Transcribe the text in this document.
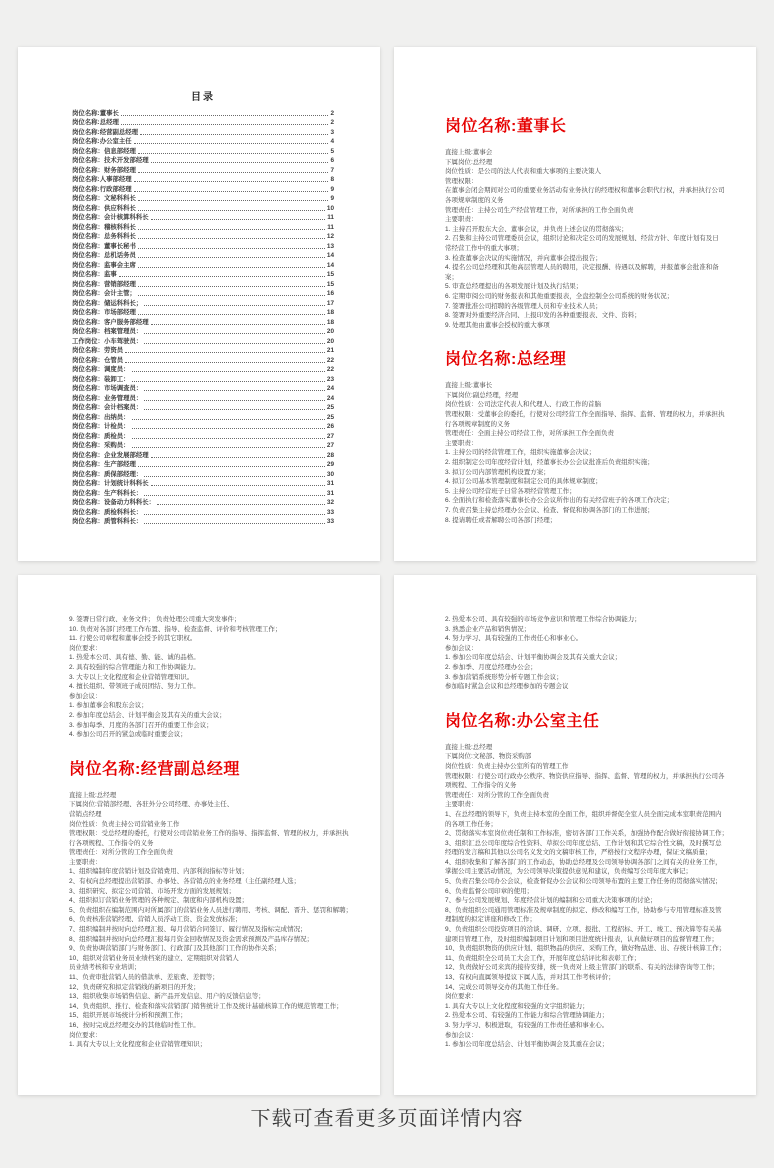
目录
岗位名称:董事长	2
岗位名称:总经理	2
岗位名称:经营副总经理	3
岗位名称:办公室主任	4
岗位名称：信息部经理	5
岗位名称：技术开发部经理	6
岗位名称：财务部经理	7
岗位名称:人事部经理	8
岗位名称:行政部经理	9
岗位名称：文秘科科长	9
岗位名称：供应科科长	10
岗位名称：会计核算科科长	11
岗位名称：稽核科科长	11
岗位名称：总务科科长	12
岗位名称：董事长秘书	13
岗位名称：总机话务员	14
岗位名称：监事会主席	14
岗位名称：监事	15
岗位名称：营销部经理	15
岗位名称：会计主管；	16
岗位名称：储运科科长；	17
岗位名称：市场部经理	18
岗位名称：客户服务部经理	18
岗位名称：档案管理员：	20
工作岗位：小车驾驶员：	20
岗位名称：劳资员	21
岗位名称：仓管员	22
岗位名称：调度员：	22
岗位名称：装卸工：	23
岗位名称：市场调查员：	24
岗位名称：业务管理员：	24
岗位名称：会计档案员：	25
岗位名称：出纳员：	25
岗位名称：计检员：	26
岗位名称：质检员：	27
岗位名称：采购员：	27
岗位名称：企业发展部经理	28
岗位名称：生产部经理	29
岗位名称：质保部经理：	30
岗位名称：计划统计科科长	31
岗位名称：生产科科长：	31
岗位名称：设备动力科科长：	32
岗位名称：质检科科长：	33
岗位名称：质管科科长：	33

岗位名称:董事长

直接上级:董事会

下属岗位:总经理

岗位性质：是公司的法人代表和重大事项的主要决策人

管理权限：

在董事会闭会期间对公司的重要业务活动有业务执行的经理权和董事会职代行权，并承担执行公司

各项规章制度的义务

管理责任：主持公司生产经营管理工作，对所承担的工作全面负责

主要职责：

1. 主持召开股东大会、董事会议，并负责上述会议的贯彻落实；

2. 召集和主持公司管理委员会议，组织讨论和决定公司的发展规划、经营方针、年度计划有及日

常经营工作中的重大事项；

3. 检查董事会决议的实施情况，并向董事会提出报告；

4. 提名公司总经理和其他高层管理人员的聘用，决定报酬、待遇以及解聘，并报董事会批准和备

案；

5. 审查总经理提出的各项发展计划及执行结果；

6. 定期审阅公司的财务报表和其他重要报表，全盘控制全公司系统的财务状况；

7. 签署批准公司招聘的各级管理人员和专业技术人员；

8. 签署对外重要经济合同、上报印发的各种重要报表、文件、资料；

9. 处理其他由董事会授权的重大事项

岗位名称:总经理

直接上级:董事长

下属岗位:副总经理，经理

岗位性质：公司法定代表人和代理人、行政工作的首脑

管理权限：受董事会的委托，行使对公司经营工作全面指导、指挥、监督、管理的权力，并承担执

行各项规章制度的义务

管理责任：全面主持公司经营工作，对所承担工作全面负责

主要职责：

1. 主持公司的经营管理工作，组织实施董事会决议；

2. 组织制定公司年度经营计划，经董事长办公会议批准后负责组织实施；

3. 拟订公司内部管理机构设置方案；

4. 拟订公司基本管理制度和制定公司的具体规章制度；

5. 主持公司经营班子日常各项经营管理工作；

6. 全面执行和检查落实董事长办公会议所作出的有关经营班子的各项工作决定；

7. 负责召集主持总经理办公会议、检查、督促和协调各部门的工作进展；

8. 提请聘任或者解聘公司各部门经理；

9. 签署日常行政、业务文件； 负责处理公司重大突发事件；

10. 负责对各部门经理工作布置、指导、检查监督、评价和考核管理工作；

11. 行使公司章程和董事会授予的其它职权。

岗位要求：

1. 热爱本公司、具有德、勤、能、诚的品格。

2. 具有较强的综合管理能力和工作协调能力。

3. 大专以上文化程度和企业营销管理知识。

4. 擅长组织、带领班子成员团结、努力工作。

参加会议：

1. 参加董事会和股东会议；

2. 参加年度总结会、计划平衡会及其有关的重大会议；

3. 参加每季、月度的各部门召开的重要工作会议；

4. 参加公司召开的紧急或临时重要会议；

岗位名称:经营副总经理

直接上级:总经理

下属岗位:营销部经理、各驻外分公司经理、办事处主任、

营销点经理

岗位性质：负责主持公司营销业务工作

管理权限：受总经理的委托，行使对公司营销业务工作的指导、指挥监督、管理的权力，并承担执

行各项规程、工作指令的义务

管理责任：对所分管的工作全面负责

主要职责：

1、组织编制年度营销计划及营销费用、内部利润指标等计划；

2、有权向总经理提出营销部、办事处、各营销点的业务经理（主任副经理人选；

3、组织研究、拟定公司营销、市场开发方面的发展规划；

4、组织拟订营销业务管理的各种规定、制度和内部机构设置；

5、负责组织在编制范围内对所属部门的营销业务人员进行聘用、考核、调配、晋升、惩罚和解聘；

6、负责核准营销经理、营销人员浮动工资、资金发放标准；

7、组织编制并按时向总经理汇报、每月营销合同签订、履行情况及指标完成情况；

8、组织编制并按时向总经理汇报每月资金回收情况及资金需求预测及产品库存情况；

9、负责协调营销部门与财务部门、行政部门及其他部门工作的协作关系；

10、组织对营销业务员业绩档案的建立、定期组织对营销人

员业绩考核和专业培训；

11、负责审批营销人员的借款单、差旅费、差假等；

12、负责研究和拟定营销线的新项目的开发；

13、组织收集市场销售信息、新产品开发信息、用户的反馈信息等；

14、负责组织、推行、检查和落实营销部门销售统计工作及统计基础核算工作的规范管理工作；

15、组织开展市场统计分析和预测工作；

16、按时完成总经理交办的其他临时性工作。

岗位要求：

1. 具有大专以上文化程度和企业营销管理知识；

2. 热爱本公司、具有较强的市场竞争意识和管理工作综合协调能力；

3. 熟悉企业产品和销售情况；

4. 努力学习、具有较强的工作责任心和事业心。

参加会议：

1. 参加公司年度总结会、计划平衡协调会及其有关重大会议；

2. 参加季、月度总经理办公会；

3. 参加营销系统形势分析专题工作会议；

参加临时紧急会议和总经理参加的专题会议

岗位名称:办公室主任

直接上级:总经理

下属岗位:文秘部、物资采购部

岗位性质：负责主持办公室所有的管理工作

管理权限：行使公司行政办公秩序、物资供应指导、指挥、监督、管理的权力，并承担执行公司各

项规程、工作指令的义务

管理责任：对所分管的工作全面负责

主要职责：

1、在总经理的领导下，负责主持本室的全面工作，组织并督促全室人员全面完成本室职责范围内

的各项工作任务；

2、贯彻落实本室岗位责任制和工作标准，密切各部门工作关系，加强协作配合做好衔接协调工作；

3、组织汇总公司年度综合性资料、草拟公司年度总结、工作计划和其它综合性文稿，及时撰写总

经理的发言稿和其他以公司名义发文的文稿审核工作，严格按行文程序办理，保证文稿质量；

4、组织收集和了解各部门的工作动态，协助总经理及公司领导协调各部门之间有关的业务工作，

掌握公司主要活动情况，为公司领导决策提供意见和建议，负责编写公司年度大事记；

5、负责召集公司办公会议，检查督促办公会议和公司领导布置的主要工作任务的贯彻落实情况；

6、负责监督公司印章的使用；

7、参与公司发展规划、年度经营计划的编制和公司重大决策事项的讨论；

8、负责组织公司通用管理标准及规章制度的拟定、修改和编写工作，协助参与专用管理标准及管

理制度的拟定讲座和修改工作；

9、负责组织公司投资项目的洽谈、调研、立项、报批、工程招标、开工、竣工、预决算等有关基

建项目管理工作，及时组织编制项目计划和项目进度统计报表，认真做好项目的监督管理工作；

10、负责组织物资的供应计划、组织物品的供应、采购工作，做好物品进、出、存统计核算工作；

11、负责组织全公司员工大会工作，开展年度总结评比和表彰工作；

12、负责做好公司来宾的接待安排，统一负责对上级主管部门的联系、有关的法律咨询等工作；

13、有权向直属领导提议下属人选，并对其工作考核评价；

14、完成公司领导交办的其他工作任务。

岗位要求：

1. 具有大专以上文化程度和较强的文字组织能力；

2. 热爱本公司、有较强的工作能力和综合管理协调能力；

3. 努力学习、积极进取，有较强的工作责任感和事业心。

参加会议：

1. 参加公司年度总结会、计划平衡协调会及其重在会议；

下载可查看更多页面详情内容
